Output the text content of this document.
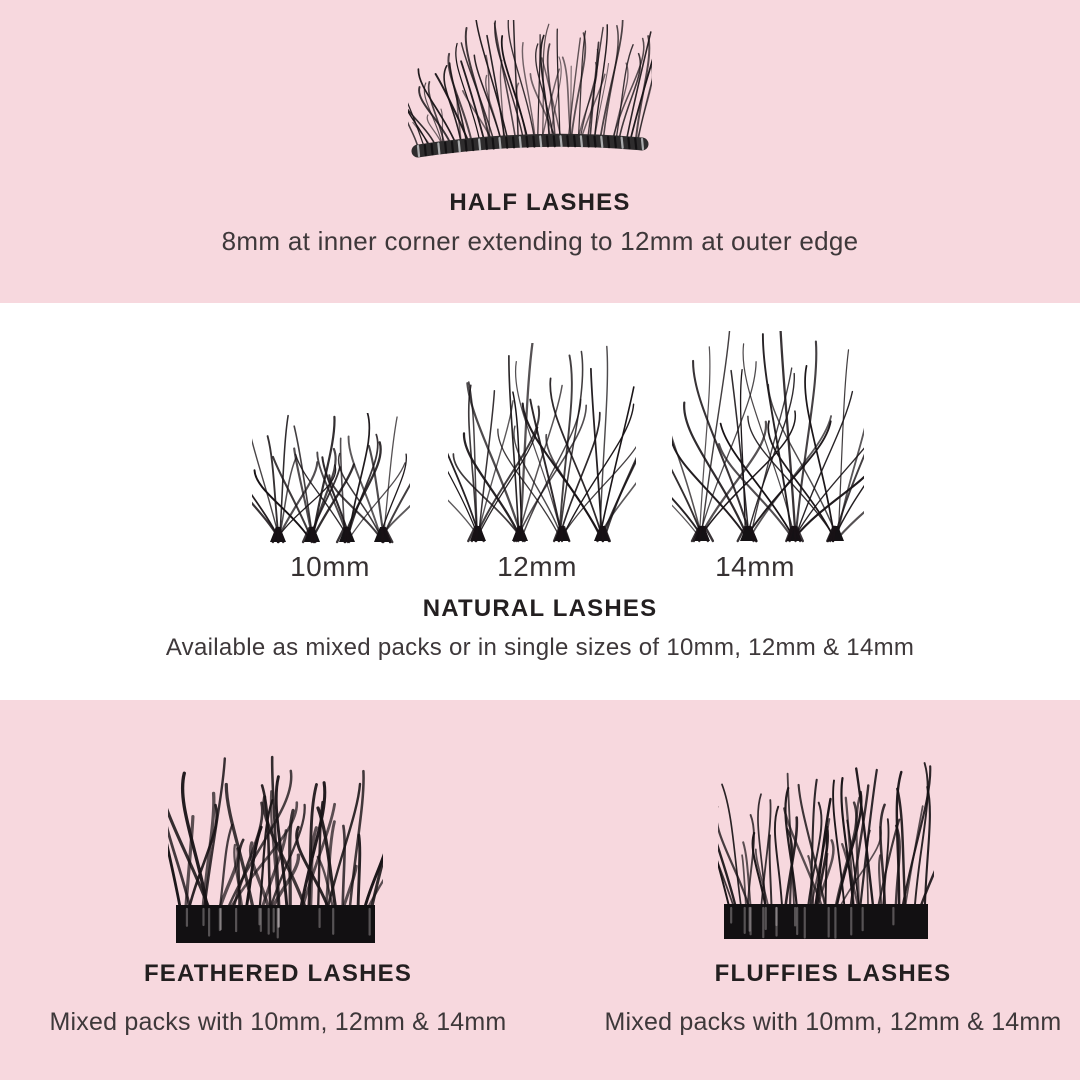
HALF LASHES
8mm at inner corner extending to 12mm at outer edge
10mm	12mm	14mm
NATURAL LASHES
Available as mixed packs or in single sizes of 10mm, 12mm & 14mm
FEATHERED LASHES
Mixed packs with 10mm, 12mm & 14mm
FLUFFIES LASHES
Mixed packs with 10mm, 12mm & 14mm
